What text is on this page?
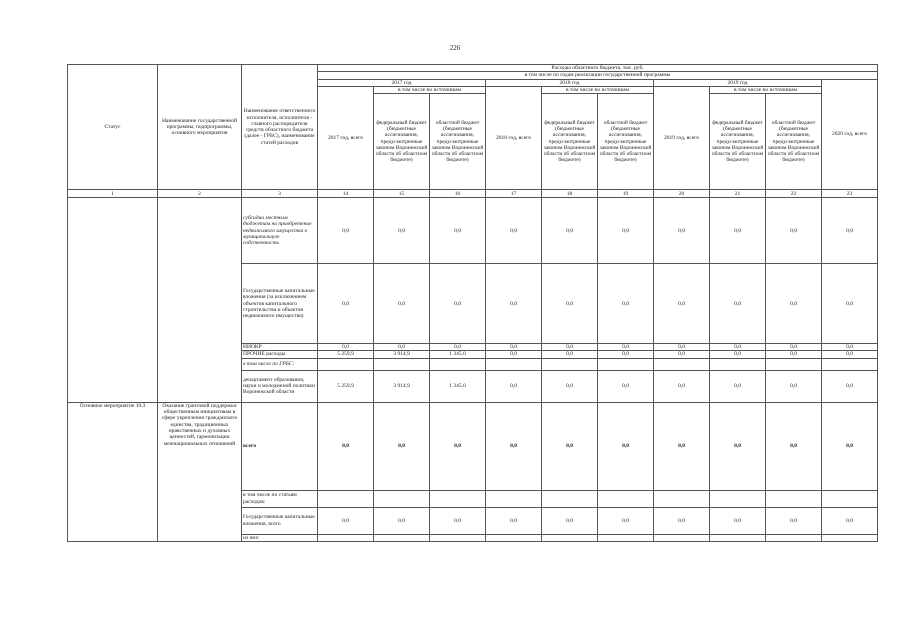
226
Статус	Наименование государственной программы, подпрограммы, основного мероприятия	Наименование ответственного исполнителя, исполнителя - главного распорядителя средств областного бюджета (далее - ГРБС), наименование статей расходов	Расходы областного бюджета, тыс. руб.									
			в том числе по годам реализации государственной программы									
			2017 год			2018 год			2019 год			2020 год, всего
			2017 год, всего	в том числе по источникам		2018 год, всего	в том числе по источникам		2019 год, всего	в том числе по источникам		
				федеральный бюджет (бюджетные ассигнования, предусмотренные законом Воронежской области об областном бюджете)	областной бюджет (бюджетные ассигнования, предусмотренные законом Воронежской области об областном бюджете)		федеральный бюджет (бюджетные ассигнования, предусмотренные законом Воронежской области об областном бюджете)	областной бюджет (бюджетные ассигнования, предусмотренные законом Воронежской области об областном бюджете)		федеральный бюджет (бюджетные ассигнования, предусмотренные законом Воронежской области об областном бюджете)	областной бюджет (бюджетные ассигнования, предусмотренные законом Воронежской области об областном бюджете)	
1	2	3	14	15	16	17	18	19	20	21	22	23
		субсидии местным бюджетам на приобретение недвижимого имущества в муниципальную собственность	0,0	0,0	0,0	0,0	0,0	0,0	0,0	0,0	0,0	0,0
		Государственные капитальные вложения (за исключением объектов капитального строительства и объектов недвижимого имущества)	0,0	0,0	0,0	0,0	0,0	0,0	0,0	0,0	0,0	0,0
		НИОКР	0,0	0,0	0,0	0,0	0,0	0,0	0,0	0,0	0,0	0,0
		ПРОЧИЕ расходы	5 259,9	3 914,9	1 345,0	0,0	0,0	0,0	0,0	0,0	0,0	0,0
		в том числе по ГРБС:										
		департамент образования, науки и молодежной политики Воронежской области	5 259,9	3 914,9	1 345,0	0,0	0,0	0,0	0,0	0,0	0,0	0,0
Основное мероприятие 10.3	Оказание грантовой поддержки общественным инициативам в сфере укрепления гражданского единства, традиционных нравственных и духовных ценностей, гармонизации межнациональных отношений	всего	0,0	0,0	0,0	0,0	0,0	0,0	0,0	0,0	0,0	0,0
		в том числе по статьям расходов:										
		Государственные капитальные вложения, всего	0,0	0,0	0,0	0,0	0,0	0,0	0,0	0,0	0,0	0,0
		из них:										
